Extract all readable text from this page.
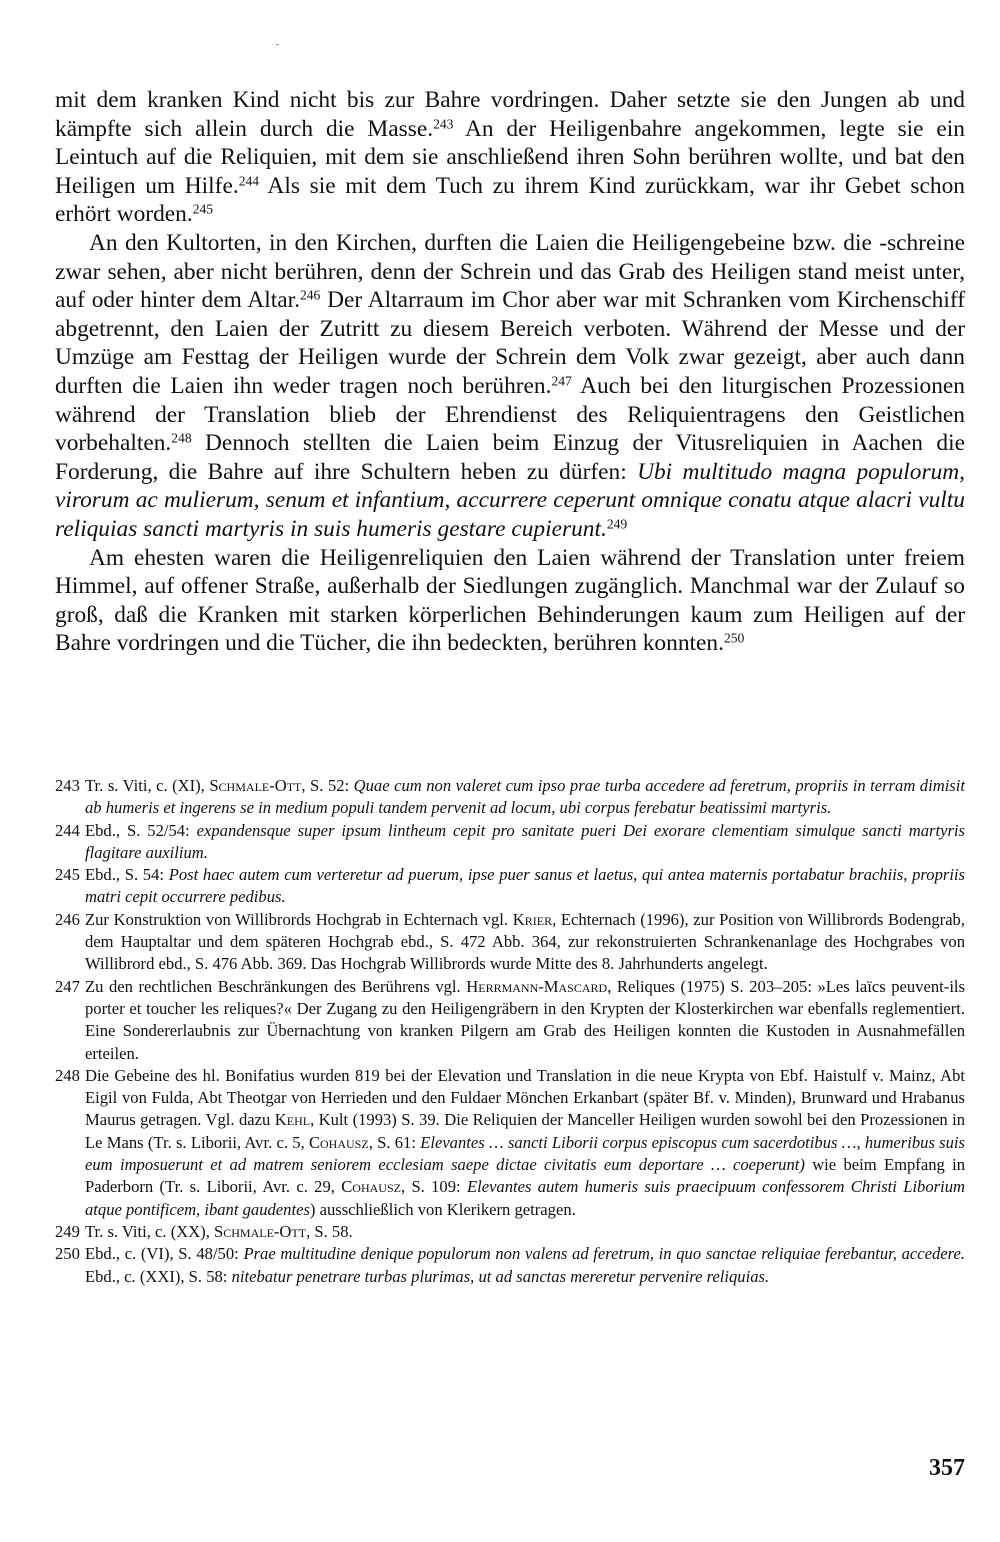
mit dem kranken Kind nicht bis zur Bahre vordringen. Daher setzte sie den Jungen ab und kämpfte sich allein durch die Masse.$^{243}$ An der Heiligenbahre angekommen, legte sie ein Leintuch auf die Reliquien, mit dem sie anschließend ihren Sohn berühren wollte, und bat den Heiligen um Hilfe.$^{244}$ Als sie mit dem Tuch zu ihrem Kind zurückkam, war ihr Gebet schon erhört worden.$^{245}$

An den Kultorten, in den Kirchen, durften die Laien die Heiligengebeine bzw. die -schreine zwar sehen, aber nicht berühren, denn der Schrein und das Grab des Heiligen stand meist unter, auf oder hinter dem Altar.$^{246}$ Der Altarraum im Chor aber war mit Schranken vom Kirchenschiff abgetrennt, den Laien der Zutritt zu diesem Bereich verboten. Während der Messe und der Umzüge am Festtag der Heiligen wurde der Schrein dem Volk zwar gezeigt, aber auch dann durften die Laien ihn weder tragen noch berühren.$^{247}$ Auch bei den liturgischen Prozessionen während der Translation blieb der Ehrendienst des Reliquientragens den Geistlichen vorbehalten.$^{248}$ Dennoch stellten die Laien beim Einzug der Vitusreliquien in Aachen die Forderung, die Bahre auf ihre Schultern heben zu dürfen: Ubi multitudo magna populorum, virorum ac mulierum, senum et infantium, accurrere ceperunt omnique conatu atque alacri vultu reliquias sancti martyris in suis humeris gestare cupierunt.$^{249}$

Am ehesten waren die Heiligenreliquien den Laien während der Translation unter freiem Himmel, auf offener Straße, außerhalb der Siedlungen zugänglich. Manchmal war der Zulauf so groß, daß die Kranken mit starken körperlichen Behinderungen kaum zum Heiligen auf der Bahre vordringen und die Tücher, die ihn bedeckten, berühren konnten.$^{250}$

243 Tr. s. Viti, c. (XI), Schmale-Ott, S. 52: Quae cum non valeret cum ipso prae turba accedere ad feretrum, propriis in terram dimisit ab humeris et ingerens se in medium populi tandem pervenit ad locum, ubi corpus ferebatur beatissimi martyris.
244 Ebd., S. 52/54: expandensque super ipsum lintheum cepit pro sanitate pueri Dei exorare clementiam simulque sancti martyris flagitare auxilium.
245 Ebd., S. 54: Post haec autem cum verteretur ad puerum, ipse puer sanus et laetus, qui antea maternis portabatur brachiis, propriis matri cepit occurrere pedibus.
246 Zur Konstruktion von Willibrords Hochgrab in Echternach vgl. Krier, Echternach (1996), zur Position von Willibrords Bodengrab, dem Hauptaltar und dem späteren Hochgrab ebd., S. 472 Abb. 364, zur rekonstruierten Schrankenanlage des Hochgrabes von Willibrord ebd., S. 476 Abb. 369. Das Hochgrab Willibrords wurde Mitte des 8. Jahrhunderts angelegt.
247 Zu den rechtlichen Beschränkungen des Berührens vgl. Herrmann-Mascard, Reliques (1975) S. 203–205: »Les laïcs peuvent-ils porter et toucher les reliques?« Der Zugang zu den Heiligengräbern in den Krypten der Klosterkirchen war ebenfalls reglementiert. Eine Sondererlaubnis zur Übernachtung von kranken Pilgern am Grab des Heiligen konnten die Kustoden in Ausnahmefällen erteilen.
248 Die Gebeine des hl. Bonifatius wurden 819 bei der Elevation und Translation in die neue Krypta von Ebf. Haistulf v. Mainz, Abt Eigil von Fulda, Abt Theotgar von Herrieden und den Fuldaer Mönchen Erkanbart (später Bf. v. Minden), Brunward und Hrabanus Maurus getragen. Vgl. dazu Kehl, Kult (1993) S. 39. Die Reliquien der Manceller Heiligen wurden sowohl bei den Prozessionen in Le Mans (Tr. s. Liborii, Avr. c. 5, Cohausz, S. 61: Elevantes … sancti Liborii corpus episcopus cum sacerdotibus …, humeribus suis eum imposuerunt et ad matrem seniorem ecclesiam saepe dictae civitatis eum deportare … coeperunt) wie beim Empfang in Paderborn (Tr. s. Liborii, Avr. c. 29, Cohausz, S. 109: Elevantes autem humeris suis praecipuum confessorem Christi Liborium atque pontificem, ibant gaudentes) ausschließlich von Klerikern getragen.
249 Tr. s. Viti, c. (XX), Schmale-Ott, S. 58.
250 Ebd., c. (VI), S. 48/50: Prae multitudine denique populorum non valens ad feretrum, in quo sanctae reliquiae ferebantur, accedere. Ebd., c. (XXI), S. 58: nitebatur penetrare turbas plurimas, ut ad sanctas mereretur pervenire reliquias.
357
